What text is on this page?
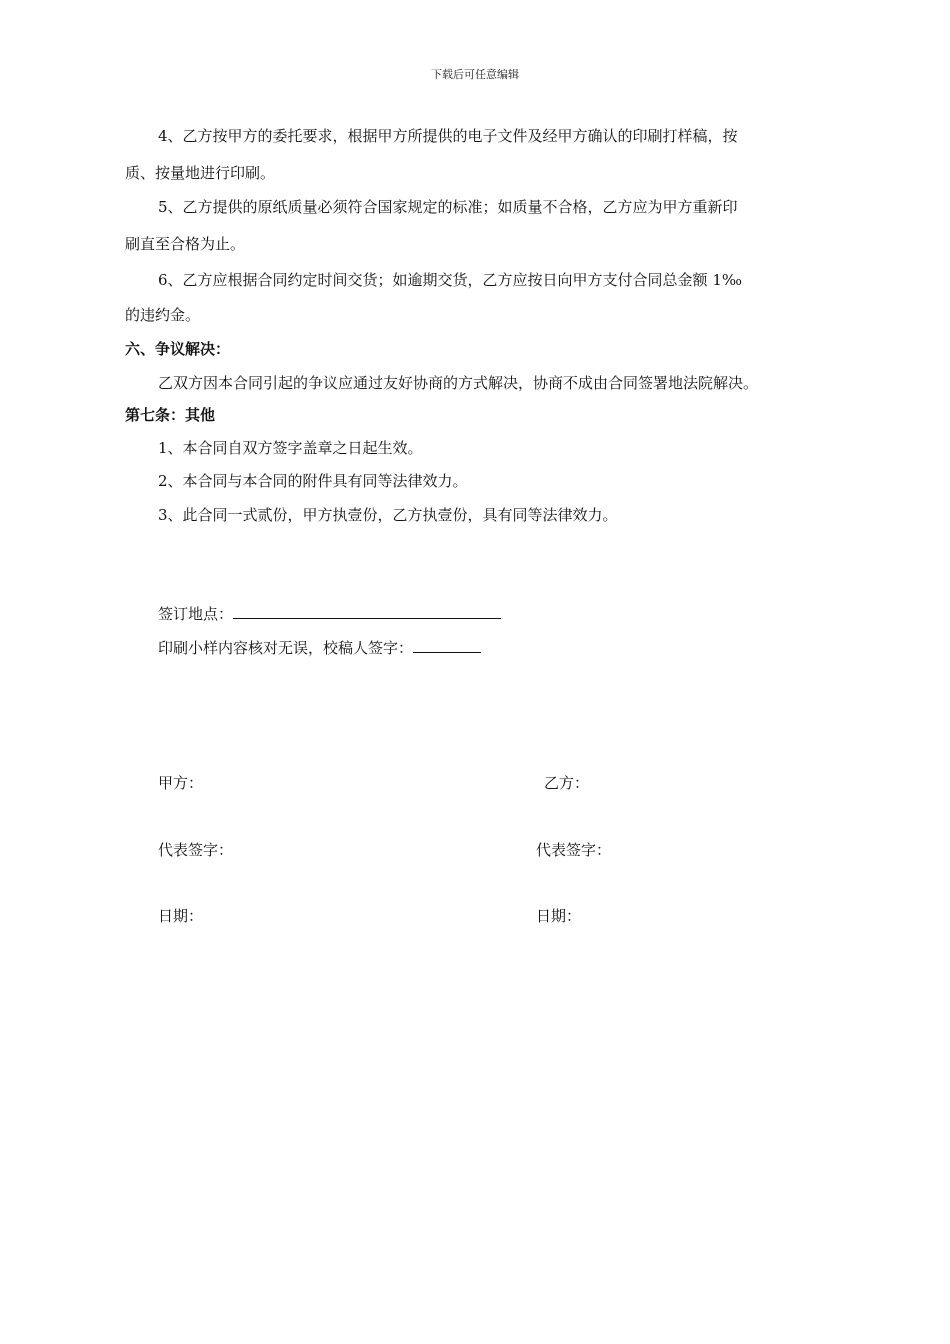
下载后可任意编辑
4、乙方按甲方的委托要求，根据甲方所提供的电子文件及经甲方确认的印刷打样稿，按
质、按量地进行印刷。
5、乙方提供的原纸质量必须符合国家规定的标准；如质量不合格，乙方应为甲方重新印
刷直至合格为止。
6、乙方应根据合同约定时间交货；如逾期交货，乙方应按日向甲方支付合同总金额 1‰
的违约金。
六、争议解决：
乙双方因本合同引起的争议应通过友好协商的方式解决，协商不成由合同签署地法院解决。
第七条：其他
1、本合同自双方签字盖章之日起生效。
2、本合同与本合同的附件具有同等法律效力。
3、此合同一式贰份，甲方执壹份，乙方执壹份，具有同等法律效力。
签订地点：
印刷小样内容核对无误，校稿人签字：
甲方：	乙方：
代表签字：	代表签字：
日期：	日期：
